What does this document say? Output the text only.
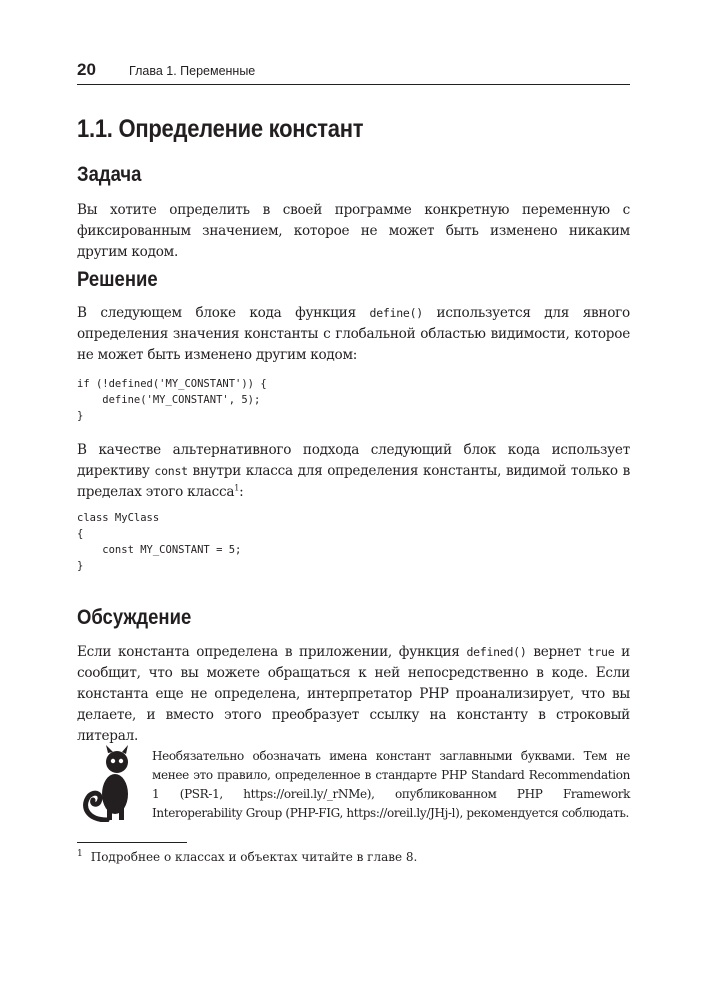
20	Глава 1. Переменные
1.1. Определение констант
Задача
Вы хотите определить в своей программе конкретную переменную с фиксированным значением, которое не может быть изменено никаким другим кодом.
Решение
В следующем блоке кода функция define() используется для явного определения значения константы с глобальной областью видимости, которое не может быть изменено другим кодом:
if (!defined('MY_CONSTANT')) {
define('MY_CONSTANT', 5);
}
В качестве альтернативного подхода следующий блок кода использует директиву const внутри класса для определения константы, видимой только в пределах этого класса$^1$:
class MyClass
{
const MY_CONSTANT = 5;
}
Обсуждение
Если константа определена в приложении, функция defined() вернет true и сообщит, что вы можете обращаться к ней непосредственно в коде. Если константа еще не определена, интерпретатор PHP проанализирует, что вы делаете, и вместо этого преобразует ссылку на константу в строковый литерал.
Необязательно обозначать имена констант заглавными буквами. Тем не менее это правило, определенное в стандарте PHP Standard Recommendation 1 (PSR-1, https://oreil.ly/_rNMe), опубликованном PHP Framework Interoperability Group (PHP-FIG, https://oreil.ly/JHj-l), рекомендуется соблюдать.
$^1$ Подробнее о классах и объектах читайте в главе 8.
